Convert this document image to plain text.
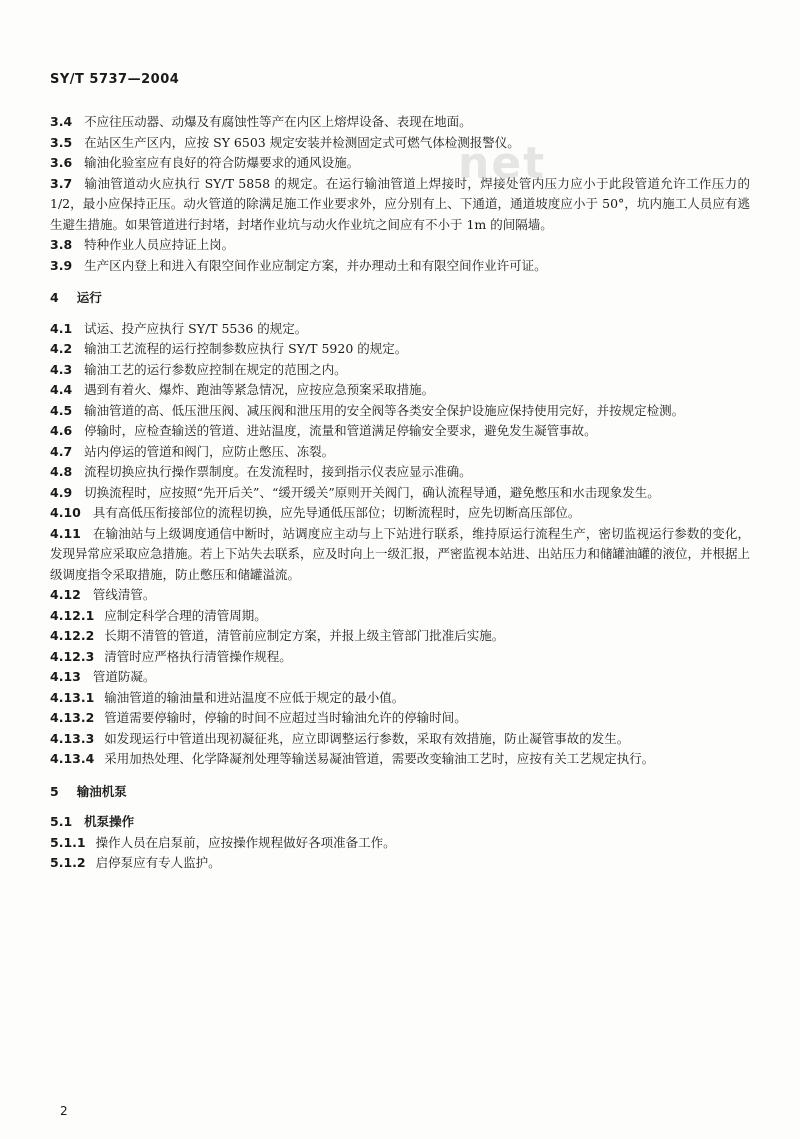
SY/T 5737—2004
net

3.4 不应往压动器、动爆及有腐蚀性等产在内区上熔焊设备、表现在地面。

3.5 在站区生产区内，应按 SY 6503 规定安装并检测固定式可燃气体检测报警仪。

3.6 输油化验室应有良好的符合防爆要求的通风设施。

3.7 输油管道动火应执行 SY/T 5858 的规定。在运行输油管道上焊接时，焊接处管内压力应小于此段管道允许工作压力的 1/2，最小应保持正压。动火管道的除满足施工作业要求外，应分别有上、下通道，通道坡度应小于 50°，坑内施工人员应有逃生避生措施。如果管道进行封堵，封堵作业坑与动火作业坑之间应有不小于 1m 的间隔墙。

3.8 特种作业人员应持证上岗。

3.9 生产区内登上和进入有限空间作业应制定方案，并办理动土和有限空间作业许可证。

4 运行

4.1 试运、投产应执行 SY/T 5536 的规定。

4.2 输油工艺流程的运行控制参数应执行 SY/T 5920 的规定。

4.3 输油工艺的运行参数应控制在规定的范围之内。

4.4 遇到有着火、爆炸、跑油等紧急情况，应按应急预案采取措施。

4.5 输油管道的高、低压泄压阀、减压阀和泄压用的安全阀等各类安全保护设施应保持使用完好，并按规定检测。

4.6 停输时，应检查输送的管道、进站温度，流量和管道满足停输安全要求，避免发生凝管事故。

4.7 站内停运的管道和阀门，应防止憋压、冻裂。

4.8 流程切换应执行操作票制度。在发流程时，接到指示仪表应显示准确。

4.9 切换流程时，应按照“先开后关”、“缓开缓关”原则开关阀门，确认流程导通，避免憋压和水击现象发生。

4.10 具有高低压衔接部位的流程切换，应先导通低压部位；切断流程时，应先切断高压部位。

4.11 在输油站与上级调度通信中断时，站调度应主动与上下站进行联系，维持原运行流程生产，密切监视运行参数的变化，发现异常应采取应急措施。若上下站失去联系，应及时向上一级汇报，严密监视本站进、出站压力和储罐油罐的液位，并根据上级调度指令采取措施，防止憋压和储罐溢流。

4.12 管线清管。

4.12.1 应制定科学合理的清管周期。

4.12.2 长期不清管的管道，清管前应制定方案，并报上级主管部门批准后实施。

4.12.3 清管时应严格执行清管操作规程。

4.13 管道防凝。

4.13.1 输油管道的输油量和进站温度不应低于规定的最小值。

4.13.2 管道需要停输时，停输的时间不应超过当时输油允许的停输时间。

4.13.3 如发现运行中管道出现初凝征兆，应立即调整运行参数，采取有效措施，防止凝管事故的发生。

4.13.4 采用加热处理、化学降凝剂处理等输送易凝油管道，需要改变输油工艺时，应按有关工艺规定执行。

5 输油机泵

5.1 机泵操作

5.1.1 操作人员在启泵前，应按操作规程做好各项准备工作。

5.1.2 启停泵应有专人监护。

2
